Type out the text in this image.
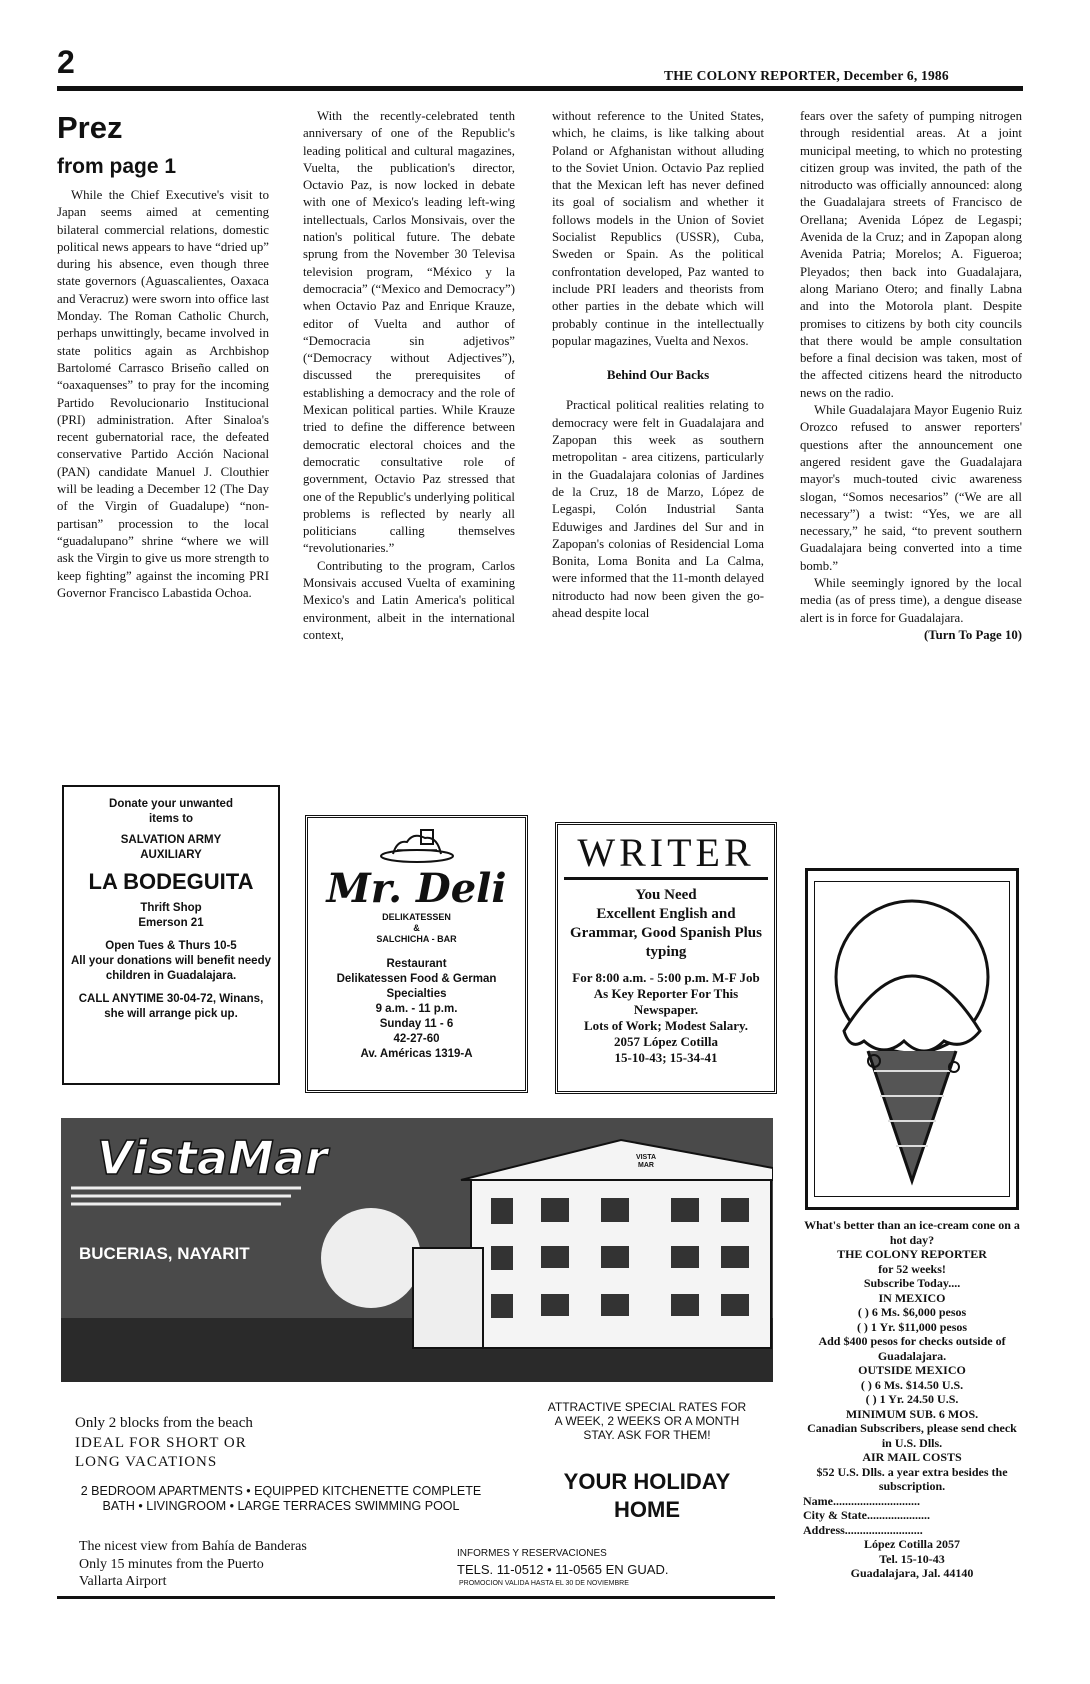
2	THE COLONY REPORTER, December 6, 1986
Prez
from page 1

While the Chief Executive's visit to Japan seems aimed at cementing bilateral commercial relations, domestic political news appears to have “dried up” during his absence, even though three state governors (Aguascalientes, Oaxaca and Veracruz) were sworn into office last Monday. The Roman Catholic Church, perhaps unwittingly, became involved in state politics again as Archbishop Bartolomé Carrasco Briseño called on “oaxaquenses” to pray for the incoming Partido Revolucionario Institucional (PRI) administration. After Sinaloa's recent gubernatorial race, the defeated conservative Partido Acción Nacional (PAN) candidate Manuel J. Clouthier will be leading a December 12 (The Day of the Virgin of Guadalupe) “non-partisan” procession to the local “guadalupano” shrine “where we will ask the Virgin to give us more strength to keep fighting” against the incoming PRI Governor Francisco Labastida Ochoa.

With the recently-celebrated tenth anniversary of one of the Republic's leading political and cultural magazines, Vuelta, the publication's director, Octavio Paz, is now locked in debate with one of Mexico's leading left-wing intellectuals, Carlos Monsivais, over the nation's political future. The debate sprung from the November 30 Televisa television program, “México y la democracia” (“Mexico and Democracy”) when Octavio Paz and Enrique Krauze, editor of Vuelta and author of “Democracia sin adjetivos” (“Democracy without Adjectives”), discussed the prerequisites of establishing a democracy and the role of Mexican political parties. While Krauze tried to define the difference between democratic electoral choices and the democratic consultative role of government, Octavio Paz stressed that one of the Republic's underlying political problems is reflected by nearly all politicians calling themselves “revolutionaries.”

Contributing to the program, Carlos Monsivais accused Vuelta of examining Mexico's and Latin America's political environment, albeit in the international context,

without reference to the United States, which, he claims, is like talking about Poland or Afghanistan without alluding to the Soviet Union. Octavio Paz replied that the Mexican left has never defined its goal of socialism and whether it follows models in the Union of Soviet Socialist Republics (USSR), Cuba, Sweden or Spain. As the political confrontation developed, Paz wanted to include PRI leaders and theorists from other parties in the debate which will probably continue in the intellectually popular magazines, Vuelta and Nexos.

Behind Our Backs

Practical political realities relating to democracy were felt in Guadalajara and Zapopan this week as southern metropolitan - area citizens, particularly in the Guadalajara colonias of Jardines de la Cruz, 18 de Marzo, López de Legaspi, Colón Industrial Santa Eduwiges and Jardines del Sur and in Zapopan's colonias of Residencial Loma Bonita, Loma Bonita and La Calma, were informed that the 11-month delayed nitroducto had now been given the go-ahead despite local

fears over the safety of pumping nitrogen through residential areas. At a joint municipal meeting, to which no protesting citizen group was invited, the path of the nitroducto was officially announced: along the Guadalajara streets of Francisco de Orellana; Avenida López de Legaspi; Avenida de la Cruz; and in Zapopan along Avenida Patria; Morelos; A. Figueroa; Pleyados; then back into Guadalajara, along Mariano Otero; and finally Labna and into the Motorola plant. Despite promises to citizens by both city councils that there would be ample consultation before a final decision was taken, most of the affected citizens heard the nitroducto news on the radio.

While Guadalajara Mayor Eugenio Ruiz Orozco refused to answer reporters' questions after the announcement one angered resident gave the Guadalajara mayor's much-touted civic awareness slogan, “Somos necesarios” (“We are all necessary”) a twist: “Yes, we are all necessary,” he said, “to prevent southern Guadalajara being converted into a time bomb.”

While seemingly ignored by the local media (as of press time), a dengue disease alert is in force for Guadalajara.

(Turn To Page 10)
Donate your unwanted
items to
SALVATION ARMY
AUXILIARY
LA BODEGUITA
Thrift Shop
Emerson 21
Open Tues & Thurs 10-5
All your donations will benefit needy children in Guadalajara.
CALL ANYTIME 30-04-72, Winans, she will arrange pick up.
Mr. Deli
DELIKATESSEN
&
SALCHICHA - BAR
Restaurant
Delikatessen Food & German Specialties
9 a.m. - 11 p.m.
Sunday 11 - 6
42-27-60
Av. Américas 1319-A
WRITER
You Need
Excellent English and Grammar, Good Spanish Plus typing
For 8:00 a.m. - 5:00 p.m. M-F Job As Key Reporter For This Newspaper.
Lots of Work; Modest Salary.
2057 López Cotilla
15-10-43; 15-34-41
What's better than an ice-cream cone on a hot day?
THE COLONY REPORTER
for 52 weeks!
Subscribe Today....
IN MEXICO
( ) 6 Ms. $6,000 pesos
( ) 1 Yr. $11,000 pesos
Add $400 pesos for checks outside of Guadalajara.
OUTSIDE MEXICO
( ) 6 Ms. $14.50 U.S.
( ) 1 Yr. 24.50 U.S.
MINIMUM SUB. 6 MOS.
Canadian Subscribers, please send check in U.S. Dlls.
AIR MAIL COSTS
$52 U.S. Dlls. a year extra besides the subscription.
Name.............................
City & State.....................
Address..........................
López Cotilla 2057
Tel. 15-10-43
Guadalajara, Jal. 44140
VistaMar
BUCERIAS, NAYARIT
VISTA MAR
Only 2 blocks from the beach
IDEAL FOR SHORT OR LONG VACATIONS
2 BEDROOM APARTMENTS • EQUIPPED KITCHENETTE COMPLETE BATH • LIVINGROOM • LARGE TERRACES SWIMMING POOL
The nicest view from Bahía de Banderas
Only 15 minutes from the Puerto Vallarta Airport
ATTRACTIVE SPECIAL RATES FOR A WEEK, 2 WEEKS OR A MONTH STAY. ASK FOR THEM!
YOUR HOLIDAY HOME
INFORMES Y RESERVACIONES
TELS. 11-0512 • 11-0565 EN GUAD.
PROMOCION VALIDA HASTA EL 30 DE NOVIEMBRE
